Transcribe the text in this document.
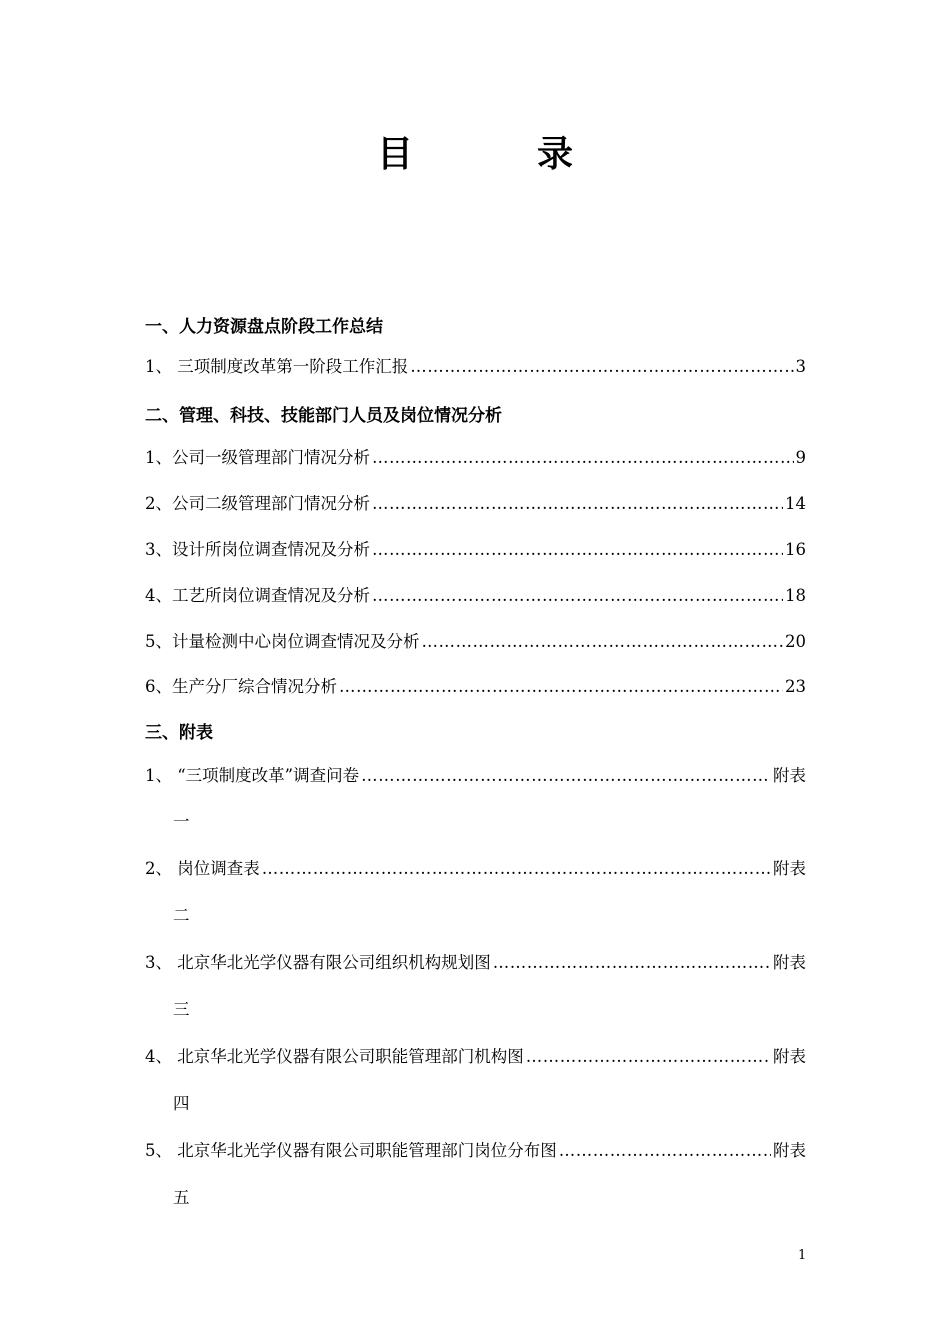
目　录
一、人力资源盘点阶段工作总结
1、 三项制度改革第一阶段工作汇报 ……………………………………………………………………………………………………………………………………………………………………	3
二、管理、科技、技能部门人员及岗位情况分析
1、公司一级管理部门情况分析 ……………………………………………………………………………………………………………………………………………………………………	9
2、公司二级管理部门情况分析 ……………………………………………………………………………………………………………………………………………………………………	14
3、设计所岗位调查情况及分析 ……………………………………………………………………………………………………………………………………………………………………	16
4、工艺所岗位调查情况及分析 ……………………………………………………………………………………………………………………………………………………………………	18
5、计量检测中心岗位调查情况及分析 ……………………………………………………………………………………………………………………………………………………………………	20
6、生产分厂综合情况分析 ……………………………………………………………………………………………………………………………………………………………………	23
三、附表
1、 “三项制度改革”调查问卷 ……………………………………………………………………………………………………………………………………………………………………	附表
一
2、 岗位调查表 ……………………………………………………………………………………………………………………………………………………………………	附表
二
3、 北京华北光学仪器有限公司组织机构规划图 ……………………………………………………………………………………………………………………………………………………………………	附表
三
4、 北京华北光学仪器有限公司职能管理部门机构图 ……………………………………………………………………………………………………………………………………………………………………	附表
四
5、 北京华北光学仪器有限公司职能管理部门岗位分布图 ……………………………………………………………………………………………………………………………………………………………………	附表
五
1
